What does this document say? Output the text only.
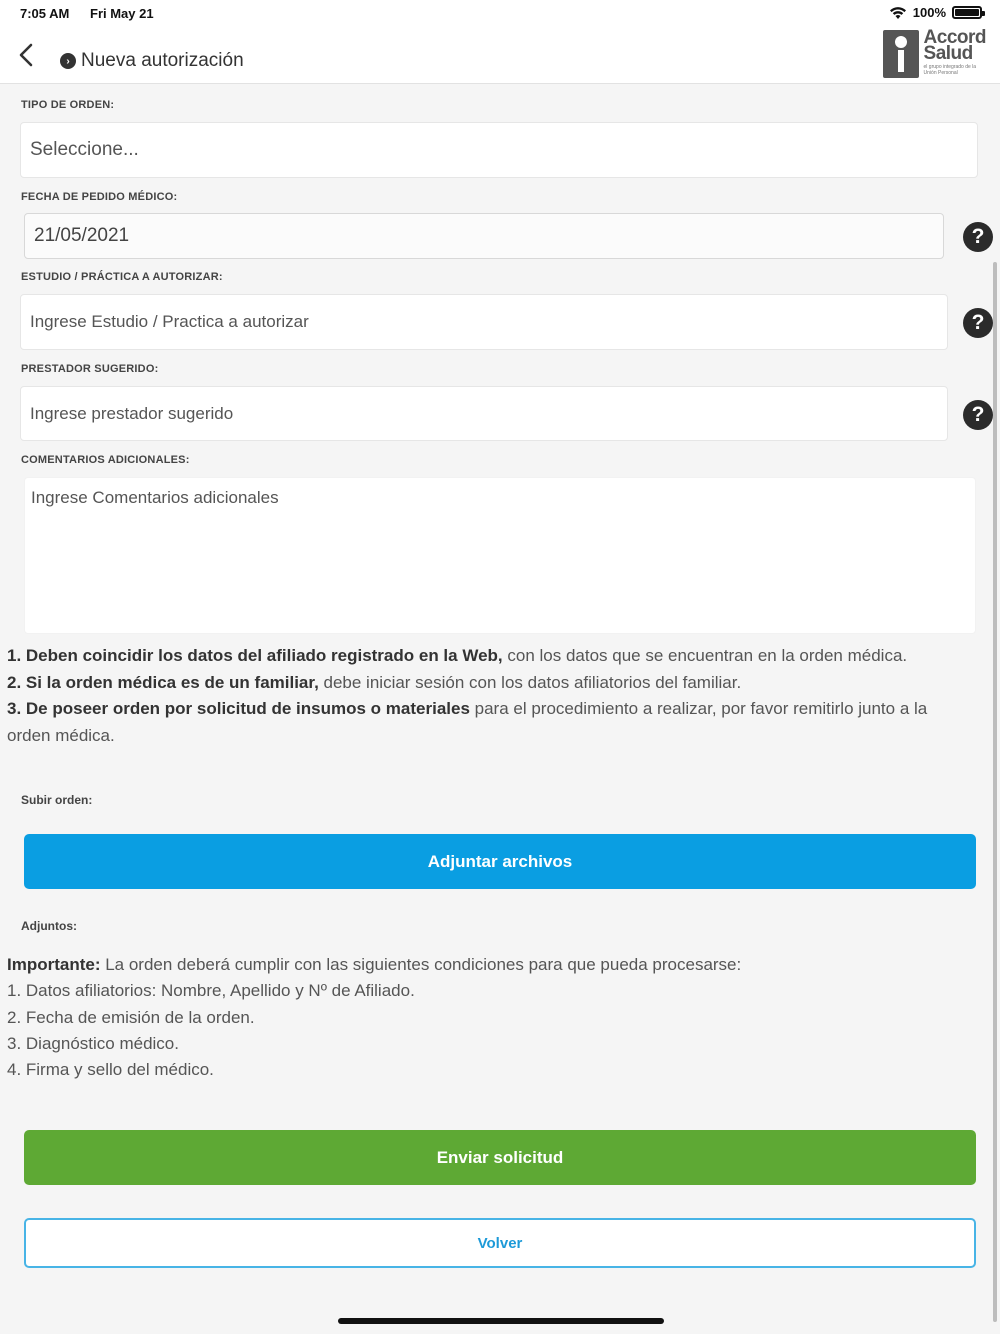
7:05 AM Fri May 21	100%
› Nueva autorización
Accord
Salud
el grupo integrado de la Unión Personal
TIPO DE ORDEN:
Seleccione...
FECHA DE PEDIDO MÉDICO:
21/05/2021	?
ESTUDIO / PRÁCTICA A AUTORIZAR:
Ingrese Estudio / Practica a autorizar	?
PRESTADOR SUGERIDO:
Ingrese prestador sugerido	?
COMENTARIOS ADICIONALES:
Ingrese Comentarios adicionales

1. Deben coincidir los datos del afiliado registrado en la Web, con los datos que se encuentran en la orden médica.

2. Si la orden médica es de un familiar, debe iniciar sesión con los datos afiliatorios del familiar.

3. De poseer orden por solicitud de insumos o materiales para el procedimiento a realizar, por favor remitirlo junto a la orden médica.

Subir orden:
Adjuntar archivos
Adjuntos:

Importante: La orden deberá cumplir con las siguientes condiciones para que pueda procesarse:

1. Datos afiliatorios: Nombre, Apellido y Nº de Afiliado.

2. Fecha de emisión de la orden.

3. Diagnóstico médico.

4. Firma y sello del médico.

Enviar solicitud
Volver
